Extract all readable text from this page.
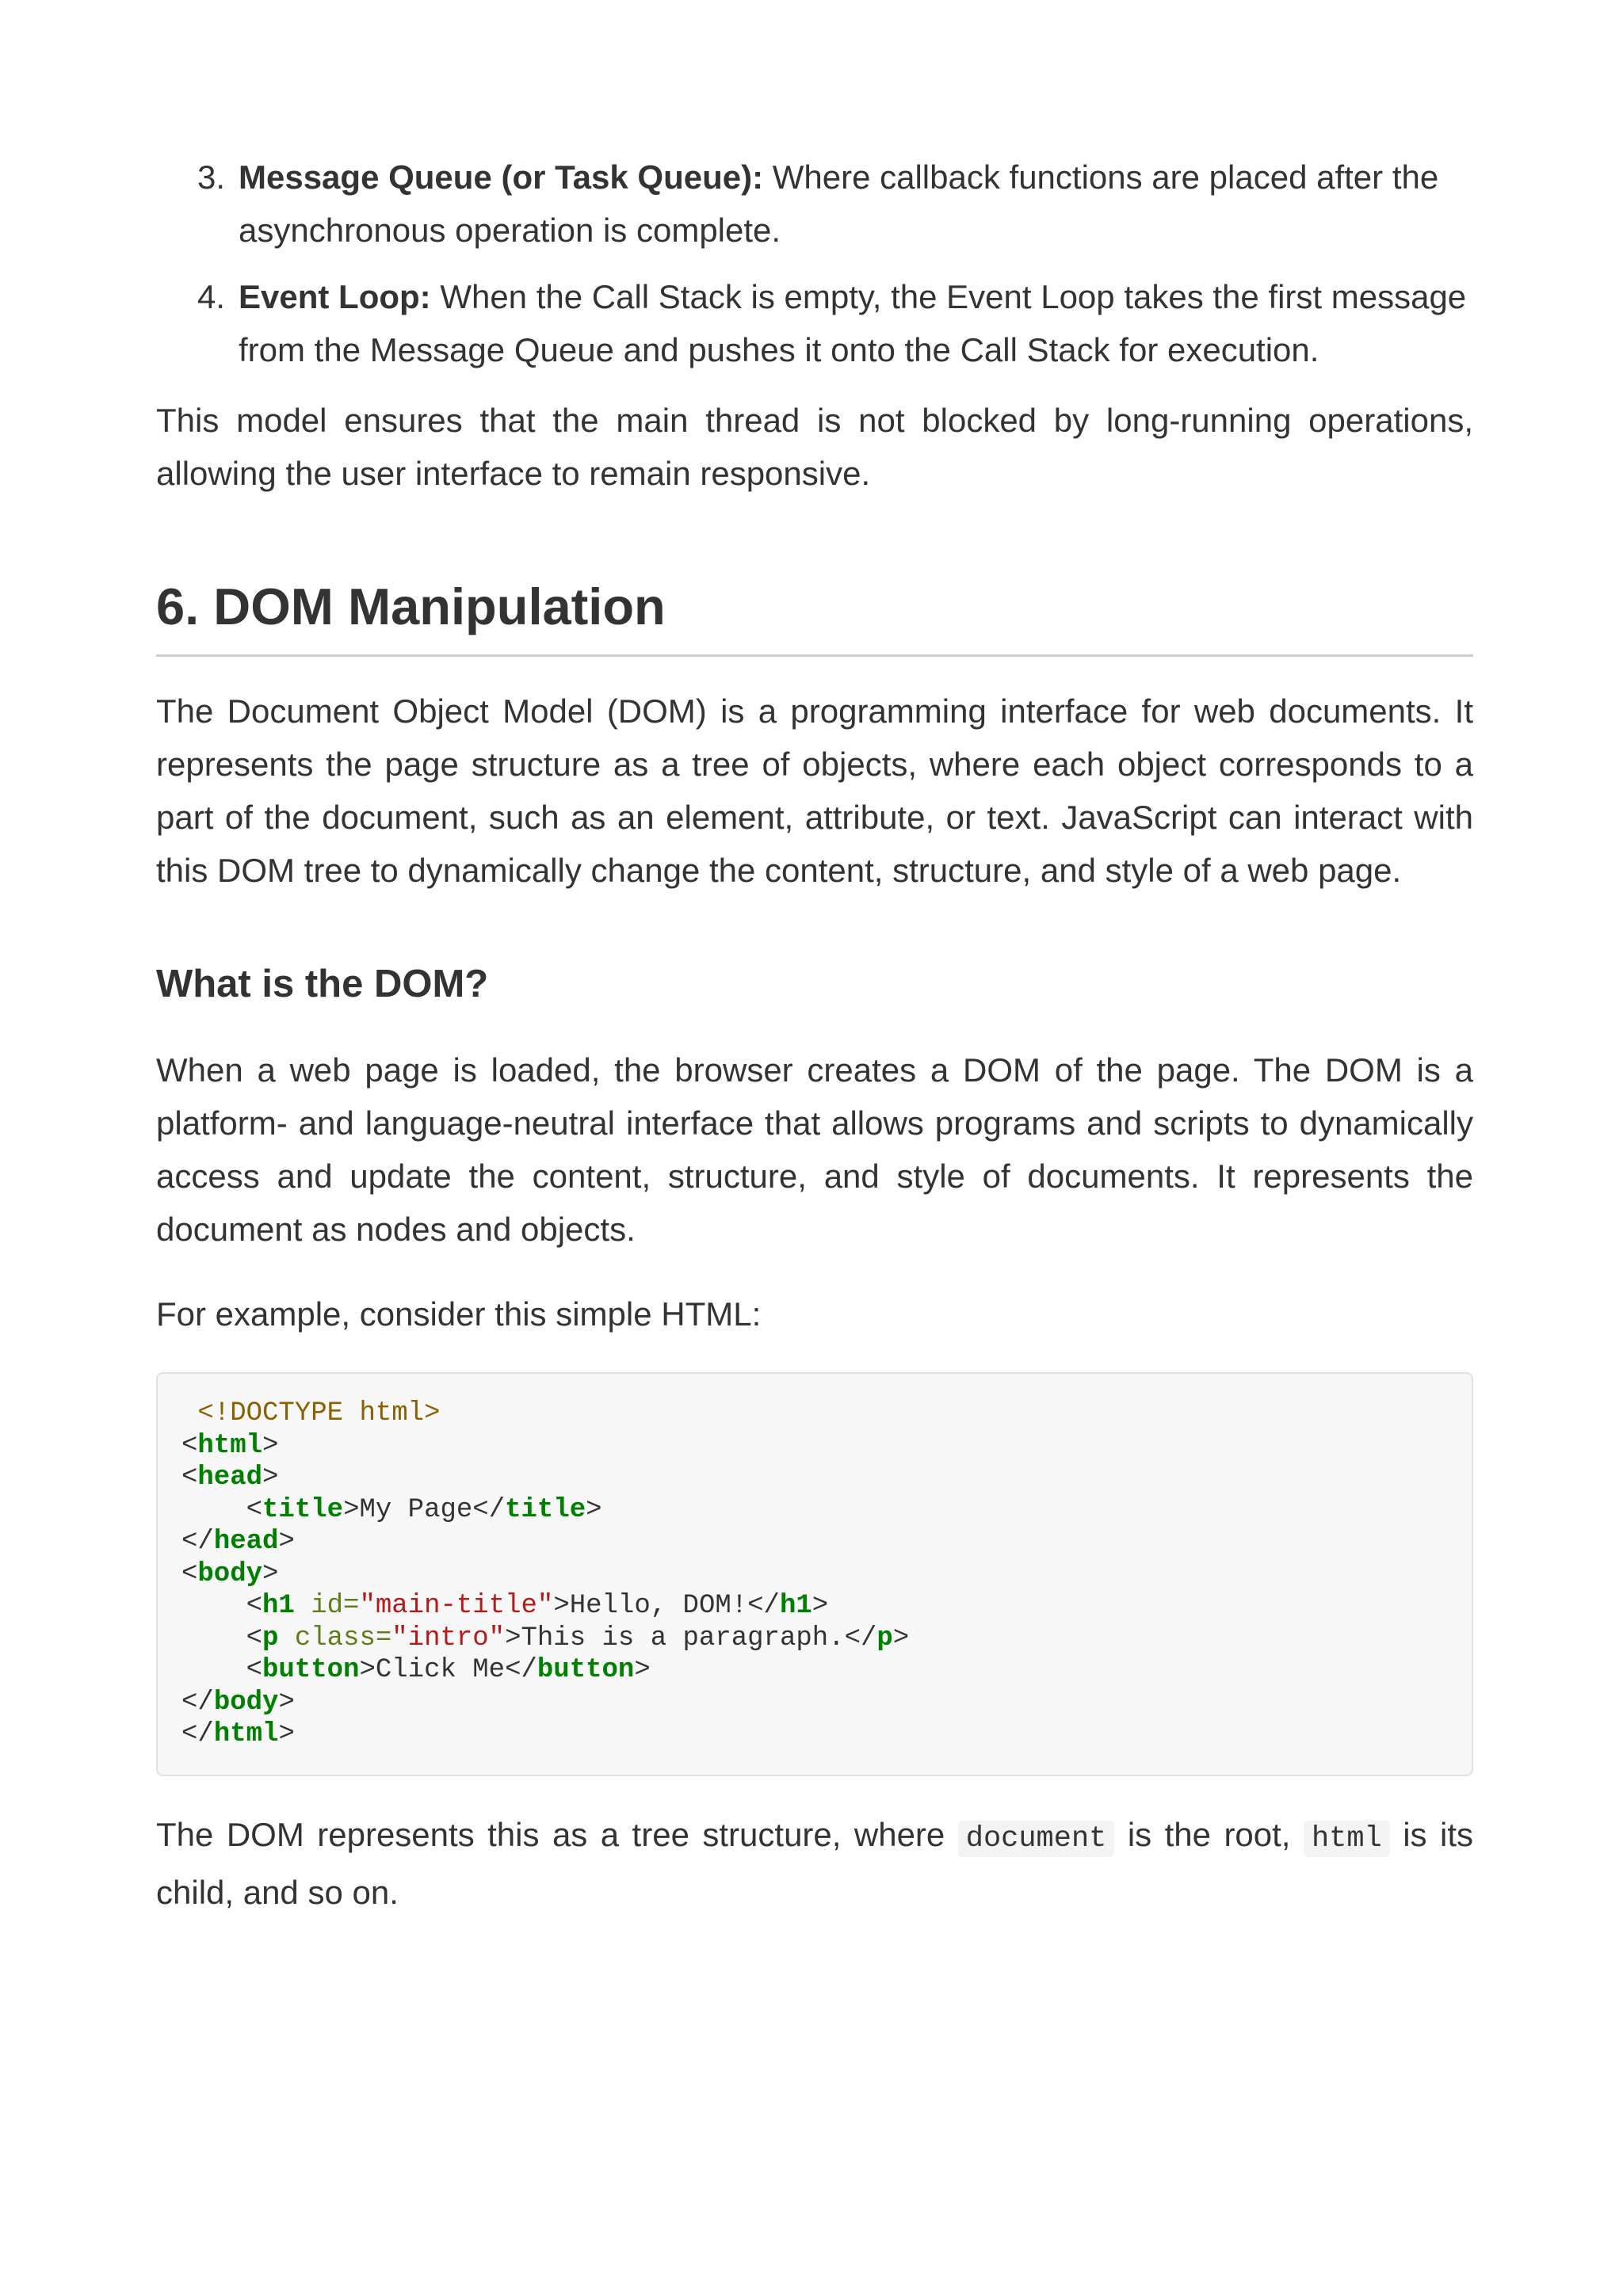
3. Message Queue (or Task Queue): Where callback functions are placed after the asynchronous operation is complete.
4. Event Loop: When the Call Stack is empty, the Event Loop takes the first message from the Message Queue and pushes it onto the Call Stack for execution.

This model ensures that the main thread is not blocked by long-running operations, allowing the user interface to remain responsive.

6. DOM Manipulation

The Document Object Model (DOM) is a programming interface for web documents. It represents the page structure as a tree of objects, where each object corresponds to a part of the document, such as an element, attribute, or text. JavaScript can interact with this DOM tree to dynamically change the content, structure, and style of a web page.

What is the DOM?

When a web page is loaded, the browser creates a DOM of the page. The DOM is a platform- and language-neutral interface that allows programs and scripts to dynamically access and update the content, structure, and style of documents. It represents the document as nodes and objects.

For example, consider this simple HTML:

<!DOCTYPE html>
<html>
<head>
<title>My Page</title>
</head>
<body>
<h1 id="main-title">Hello, DOM!</h1>
<p class="intro">This is a paragraph.</p>
<button>Click Me</button>
</body>
</html>

The DOM represents this as a tree structure, where document is the root, html is its child, and so on.
